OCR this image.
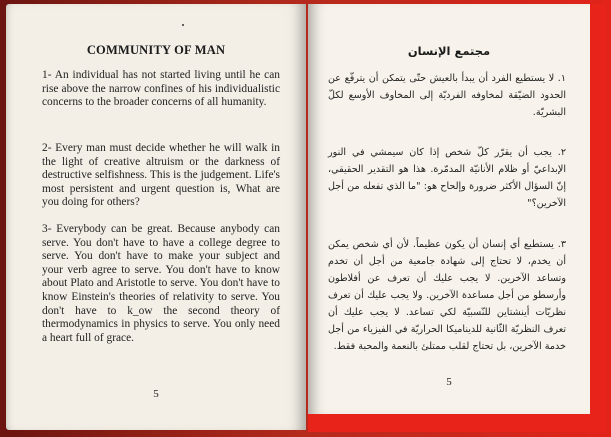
COMMUNITY OF MAN
1- An individual has not started living until he can rise above the narrow confines of his individualistic concerns to the broader concerns of all humanity.
2- Every man must decide whether he will walk in the light of creative altruism or the darkness of destructive selfishness. This is the judgement. Life's most persistent and urgent question is, What are you doing for others?
3- Everybody can be great. Because anybody can serve. You don't have to have a college degree to serve. You don't have to make your subject and your verb agree to serve. You don't have to know about Plato and Aristotle to serve. You don't have to know Einstein's theories of relativity to serve. You don't have to k_ow the second theory of thermodynamics in physics to serve. You only need a heart full of grace.
5
مجتمع الإنسان
١. لا يستطيع الفرد أن يبدأ بالعيش حتّى يتمكن أن يترفّع عن الحدود الضيّقة لمخاوفه الفرديّة إلى المخاوف الأوسع لكلّ البشريّة.
٢. يجب أن يقرّر كلّ شخص إذا كان سيمشي في النور الإبداعيّ أو ظلام الأنانيّة المدمّرة. هذا هو التقدير الحقيقي، إنّ السؤال الأكثر ضرورة وإلحاح هو: "ما الذي تفعله من أجل الآخرين؟"
٣. يستطيع أي إنسان أن يكون عظيماً. لأن أي شخص يمكن أن يخدم، لا تحتاج إلى شهادة جامعية من أجل أن تخدم وتساعد الآخرين. لا يجب عليك أن تعرف عن أفلاطون وأرسطو من أجل مساعدة الآخرين. ولا يجب عليك أن تعرف نظريّات أينشتاين للنّسبيّة لكي تساعد. لا يجب عليك أن تعرف النظريّة الثّانية للديناميكا الحراريّة في الفيزياء من أجل خدمة الآخرين، بل تحتاج لقلب ممتلئ بالنعمة والمحبة فقط.
5
